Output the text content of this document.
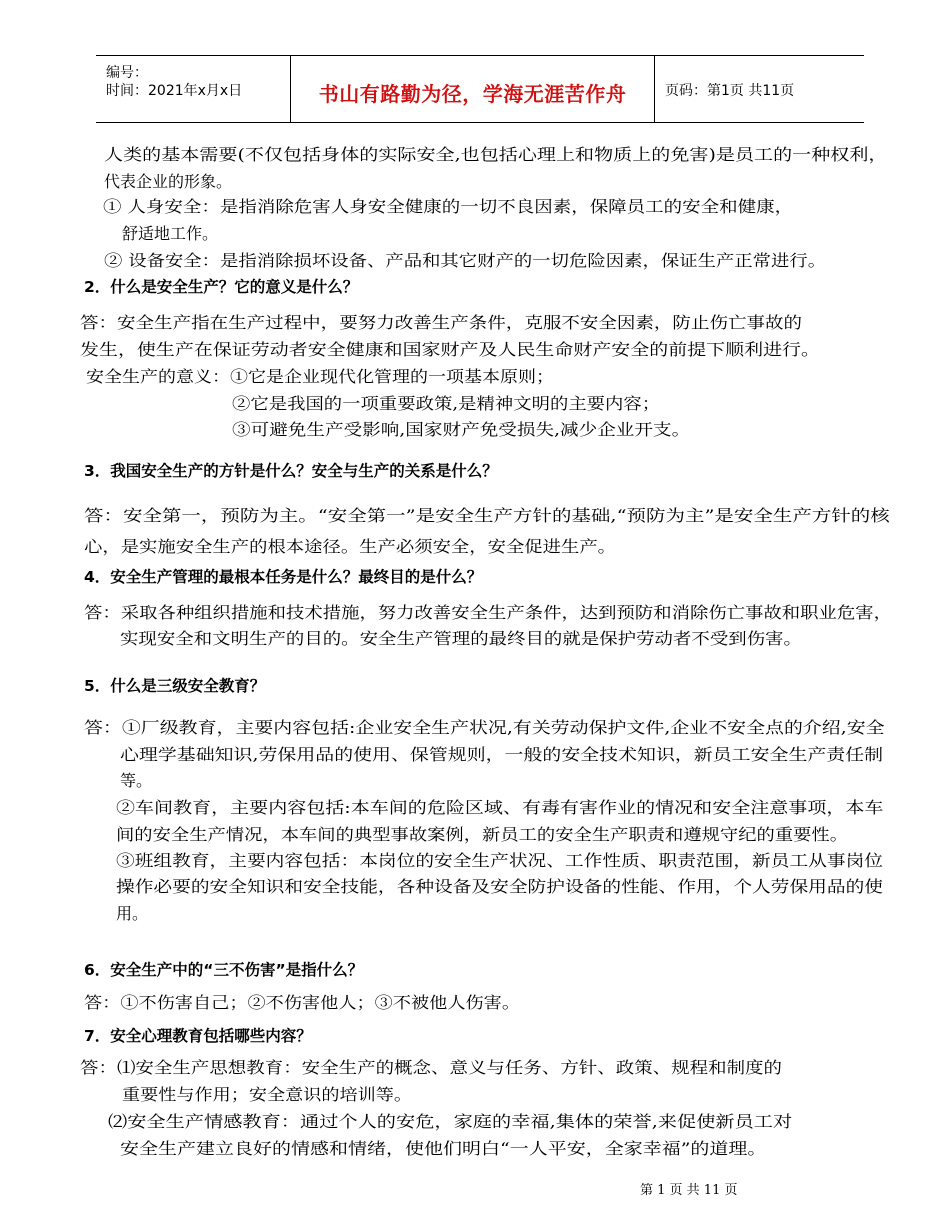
编号：
时间：2021年x月x日	书山有路勤为径，学海无涯苦作舟	页码：第1页 共11页
人类的基本需要(不仅包括身体的实际安全,也包括心理上和物质上的免害)是员工的一种权利，
代表企业的形象。
① 人身安全：是指消除危害人身安全健康的一切不良因素，保障员工的安全和健康，
舒适地工作。
② 设备安全：是指消除损坏设备、产品和其它财产的一切危险因素，保证生产正常进行。
2．什么是安全生产？它的意义是什么？
答：安全生产指在生产过程中，要努力改善生产条件，克服不安全因素，防止伤亡事故的
发生，使生产在保证劳动者安全健康和国家财产及人民生命财产安全的前提下顺利进行。
安全生产的意义：①它是企业现代化管理的一项基本原则；
②它是我国的一项重要政策,是精神文明的主要内容；
③可避免生产受影响,国家财产免受损失,减少企业开支。
3．我国安全生产的方针是什么？安全与生产的关系是什么？
答：安全第一，预防为主。“安全第一”是安全生产方针的基础,“预防为主”是安全生产方针的核
心，是实施安全生产的根本途径。生产必须安全，安全促进生产。
4．安全生产管理的最根本任务是什么？最终目的是什么？
答：采取各种组织措施和技术措施，努力改善安全生产条件，达到预防和消除伤亡事故和职业危害，
实现安全和文明生产的目的。安全生产管理的最终目的就是保护劳动者不受到伤害。
5．什么是三级安全教育？
答：①厂级教育，主要内容包括:企业安全生产状况,有关劳动保护文件,企业不安全点的介绍,安全
心理学基础知识,劳保用品的使用、保管规则，一般的安全技术知识，新员工安全生产责任制
等。
②车间教育，主要内容包括:本车间的危险区域、有毒有害作业的情况和安全注意事项，本车
间的安全生产情况，本车间的典型事故案例，新员工的安全生产职责和遵规守纪的重要性。
③班组教育，主要内容包括：本岗位的安全生产状况、工作性质、职责范围，新员工从事岗位
操作必要的安全知识和安全技能，各种设备及安全防护设备的性能、作用，个人劳保用品的使
用。
6．安全生产中的“三不伤害”是指什么？
答：①不伤害自己；②不伤害他人；③不被他人伤害。
7．安全心理教育包括哪些内容？
答：⑴安全生产思想教育：安全生产的概念、意义与任务、方针、政策、规程和制度的
重要性与作用；安全意识的培训等。
⑵安全生产情感教育：通过个人的安危，家庭的幸福,集体的荣誉,来促使新员工对
安全生产建立良好的情感和情绪，使他们明白“一人平安，全家幸福”的道理。
第 1 页 共 11 页
